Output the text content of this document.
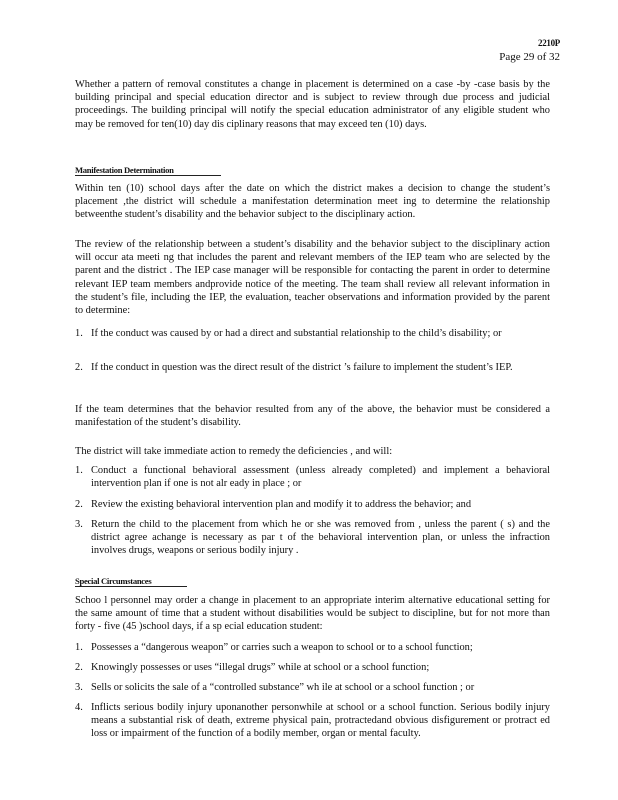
2210P
Page 29 of 32
Whether a pattern of removal constitutes a change in placement is determined on a case -by -case basis by the building principal and special education director and is subject to review through due process and judicial proceedings. The building principal will notify the special education administrator of any eligible student who may be removed for ten(10) day dis ciplinary reasons that may exceed ten (10) days.
Manifestation Determination
Within ten (10) school days after the date on which the district makes a decision to change the student’s placement ,the district will schedule a manifestation determination meet ing to determine the relationship betweenthe student’s disability and the behavior subject to the disciplinary action.
The review of the relationship between a student’s disability and the behavior subject to the disciplinary action will occur ata meeti ng that includes the parent and relevant members of the IEP team who are selected by the parent and the district . The IEP case manager will be responsible for contacting the parent in order to determine relevant IEP team members andprovide notice of the meeting. The team shall review all relevant information in the student’s file, including the IEP, the evaluation, teacher observations and information provided by the parent to determine:
1. If the conduct was caused by or had a direct and substantial relationship to the child’s disability; or
2. If the conduct in question was the direct result of the district ’s failure to implement the student’s IEP.
If the team determines that the behavior resulted from any of the above, the behavior must be considered a manifestation of the student’s disability.
The district will take immediate action to remedy the deficiencies , and will:
1. Conduct a functional behavioral assessment (unless already completed) and implement a behavioral intervention plan if one is not alr eady in place ; or
2. Review the existing behavioral intervention plan and modify it to address the behavior; and
3. Return the child to the placement from which he or she was removed from , unless the parent ( s) and the district agree achange is necessary as par t of the behavioral intervention plan, or unless the infraction involves drugs, weapons or serious bodily injury .
Special Circumstances
Schoo l personnel may order a change in placement to an appropriate interim alternative educational setting for the same amount of time that a student without disabilities would be subject to discipline, but for not more than forty - five (45 )school days, if a sp ecial education student:
1. Possesses a “dangerous weapon” or carries such a weapon to school or to a school function;
2. Knowingly possesses or uses “illegal drugs” while at school or a school function;
3. Sells or solicits the sale of a “controlled substance” wh ile at school or a school function ; or
4. Inflicts serious bodily injury uponanother personwhile at school or a school function. Serious bodily injury means a substantial risk of death, extreme physical pain, protractedand obvious disfigurement or protract ed loss or impairment of the function of a bodily member, organ or mental faculty.
